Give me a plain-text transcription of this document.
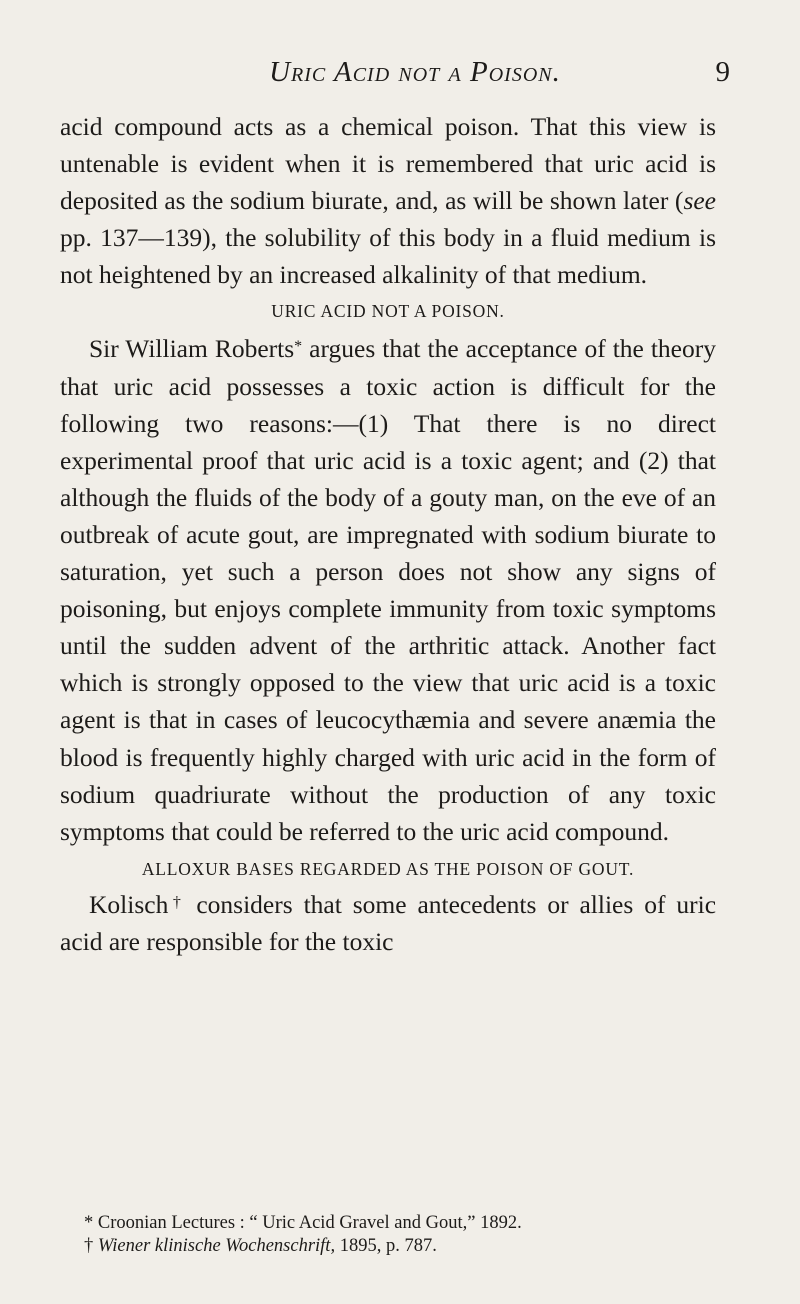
Uric Acid not a Poison.	9

acid compound acts as a chemical poison. That this view is untenable is evident when it is remembered that uric acid is deposited as the sodium biurate, and, as will be shown later (see pp. 137—139), the solubility of this body in a fluid medium is not heightened by an increased alkalinity of that medium.

URIC ACID NOT A POISON.

Sir William Roberts* argues that the acceptance of the theory that uric acid possesses a toxic action is difficult for the following two reasons:—(1) That there is no direct experimental proof that uric acid is a toxic agent; and (2) that although the fluids of the body of a gouty man, on the eve of an outbreak of acute gout, are impregnated with sodium biurate to saturation, yet such a person does not show any signs of poisoning, but enjoys complete immunity from toxic symptoms until the sudden advent of the arthritic attack. Another fact which is strongly opposed to the view that uric acid is a toxic agent is that in cases of leucocythæmia and severe anæmia the blood is frequently highly charged with uric acid in the form of sodium quadriurate without the production of any toxic symptoms that could be referred to the uric acid compound.

ALLOXUR BASES REGARDED AS THE POISON OF GOUT.

Kolisch† considers that some antecedents or allies of uric acid are responsible for the toxic

* Croonian Lectures : “ Uric Acid Gravel and Gout,” 1892.

† Wiener klinische Wochenschrift, 1895, p. 787.
